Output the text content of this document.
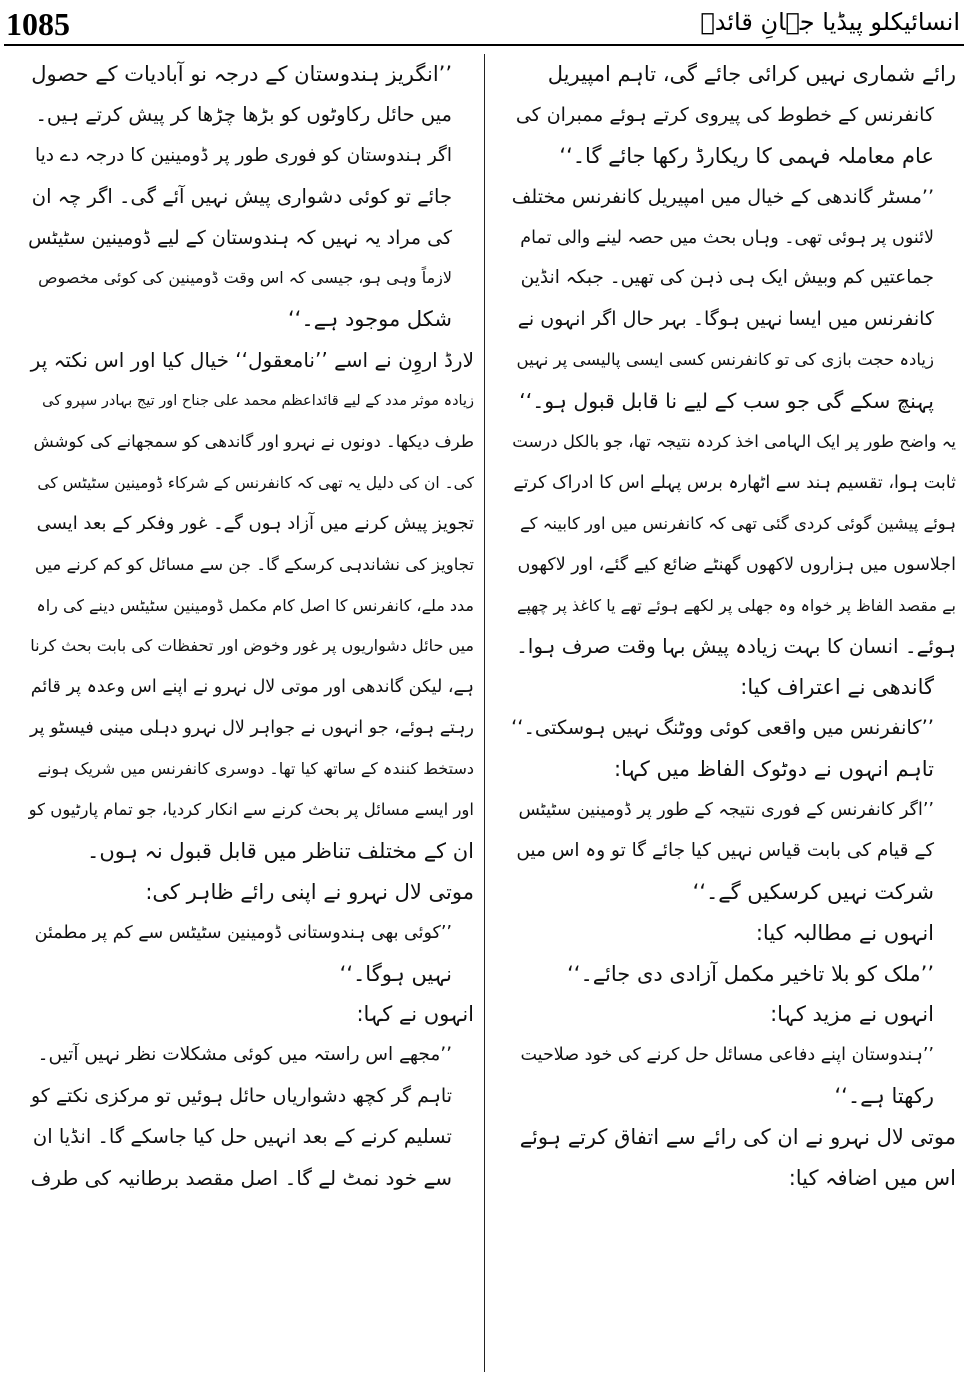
1085	انسائیکلو پیڈیا جہانِ قائدؒ
رائے شماری نہیں کرائی جائے گی، تاہم امپیریل
کانفرنس کے خطوط کی پیروی کرتے ہوئے ممبران کی
عام معاملہ فہمی کا ریکارڈ رکھا جائے گا۔‘‘
’’مسٹر گاندھی کے خیال میں امپیریل کانفرنس مختلف
لائنوں پر ہوئی تھی۔ وہاں بحث میں حصہ لینے والی تمام
جماعتیں کم وبیش ایک ہی ذہن کی تھیں۔ جبکہ انڈین
کانفرنس میں ایسا نہیں ہوگا۔ بہر حال اگر انہوں نے
زیادہ حجت بازی کی تو کانفرنس کسی ایسی پالیسی پر نہیں
پہنچ سکے گی جو سب کے لیے نا قابل قبول ہو۔‘‘
یہ واضح طور پر ایک الہامی اخذ کردہ نتیجہ تھا، جو بالکل درست
ثابت ہوا، تقسیم ہند سے اٹھارہ برس پہلے اس کا ادراک کرتے
ہوئے پیشین گوئی کردی گئی تھی کہ کانفرنس میں اور کابینہ کے
اجلاسوں میں ہزاروں لاکھوں گھنٹے ضائع کیے گئے، اور لاکھوں
بے مقصد الفاظ پر خواہ وہ جھلی پر لکھے ہوئے تھے یا کاغذ پر چھپے
ہوئے۔ انسان کا بہت زیادہ پیش بہا وقت صرف ہوا۔
گاندھی نے اعتراف کیا:
’’کانفرنس میں واقعی کوئی ووٹنگ نہیں ہوسکتی۔‘‘
تاہم انہوں نے دوٹوک الفاظ میں کہا:
’’اگر کانفرنس کے فوری نتیجہ کے طور پر ڈومینین سٹیٹس
کے قیام کی بابت قیاس نہیں کیا جائے گا تو وہ اس میں
شرکت نہیں کرسکیں گے۔‘‘
انہوں نے مطالبہ کیا:
’’ملک کو بلا تاخیر مکمل آزادی دی جائے۔‘‘
انہوں نے مزید کہا:
’’ہندوستان اپنے دفاعی مسائل حل کرنے کی خود صلاحیت
رکھتا ہے۔‘‘
موتی لال نہرو نے ان کی رائے سے اتفاق کرتے ہوئے
اس میں اضافہ کیا:
’’انگریز ہندوستان کے درجہ نو آبادیات کے حصول
میں حائل رکاوٹوں کو بڑھا چڑھا کر پیش کرتے ہیں۔
اگر ہندوستان کو فوری طور پر ڈومینین کا درجہ دے دیا
جائے تو کوئی دشواری پیش نہیں آئے گی۔ اگر چہ ان
کی مراد یہ نہیں کہ ہندوستان کے لیے ڈومینین سٹیٹس
لازماً وہی ہو، جیسی کہ اس وقت ڈومینین کی کوئی مخصوص
شکل موجود ہے۔‘‘
لارڈ اروِن نے اسے ’’نامعقول‘‘ خیال کیا اور اس نکتہ پر
زیادہ موثر مدد کے لیے قائداعظم محمد علی جناح اور تیج بہادر سپرو کی
طرف دیکھا۔ دونوں نے نہرو اور گاندھی کو سمجھانے کی کوشش
کی۔ ان کی دلیل یہ تھی کہ کانفرنس کے شرکاء ڈومینین سٹیٹس کی
تجویز پیش کرنے میں آزاد ہوں گے۔ غور وفکر کے بعد ایسی
تجاویز کی نشاندہی کرسکے گا۔ جن سے مسائل کو کم کرنے میں
مدد ملے، کانفرنس کا اصل کام مکمل ڈومینین سٹیٹس دینے کی راہ
میں حائل دشواریوں پر غور وخوض اور تحفظات کی بابت بحث کرنا
ہے، لیکن گاندھی اور موتی لال نہرو نے اپنے اس وعدہ پر قائم
رہتے ہوئے، جو انہوں نے جواہر لال نہرو دہلی مینی فیسٹو پر
دستخط کنندہ کے ساتھ کیا تھا۔ دوسری کانفرنس میں شریک ہونے
اور ایسے مسائل پر بحث کرنے سے انکار کردیا، جو تمام پارٹیوں کو
ان کے مختلف تناظر میں قابل قبول نہ ہوں۔
موتی لال نہرو نے اپنی رائے ظاہر کی:
’’کوئی بھی ہندوستانی ڈومینین سٹیٹس سے کم پر مطمئن
نہیں ہوگا۔‘‘
انہوں نے کہا:
’’مجھے اس راستہ میں کوئی مشکلات نظر نہیں آتیں۔
تاہم گر کچھ دشواریاں حائل ہوئیں تو مرکزی نکتے کو
تسلیم کرنے کے بعد انہیں حل کیا جاسکے گا۔ انڈیا ان
سے خود نمٹ لے گا۔ اصل مقصد برطانیہ کی طرف
